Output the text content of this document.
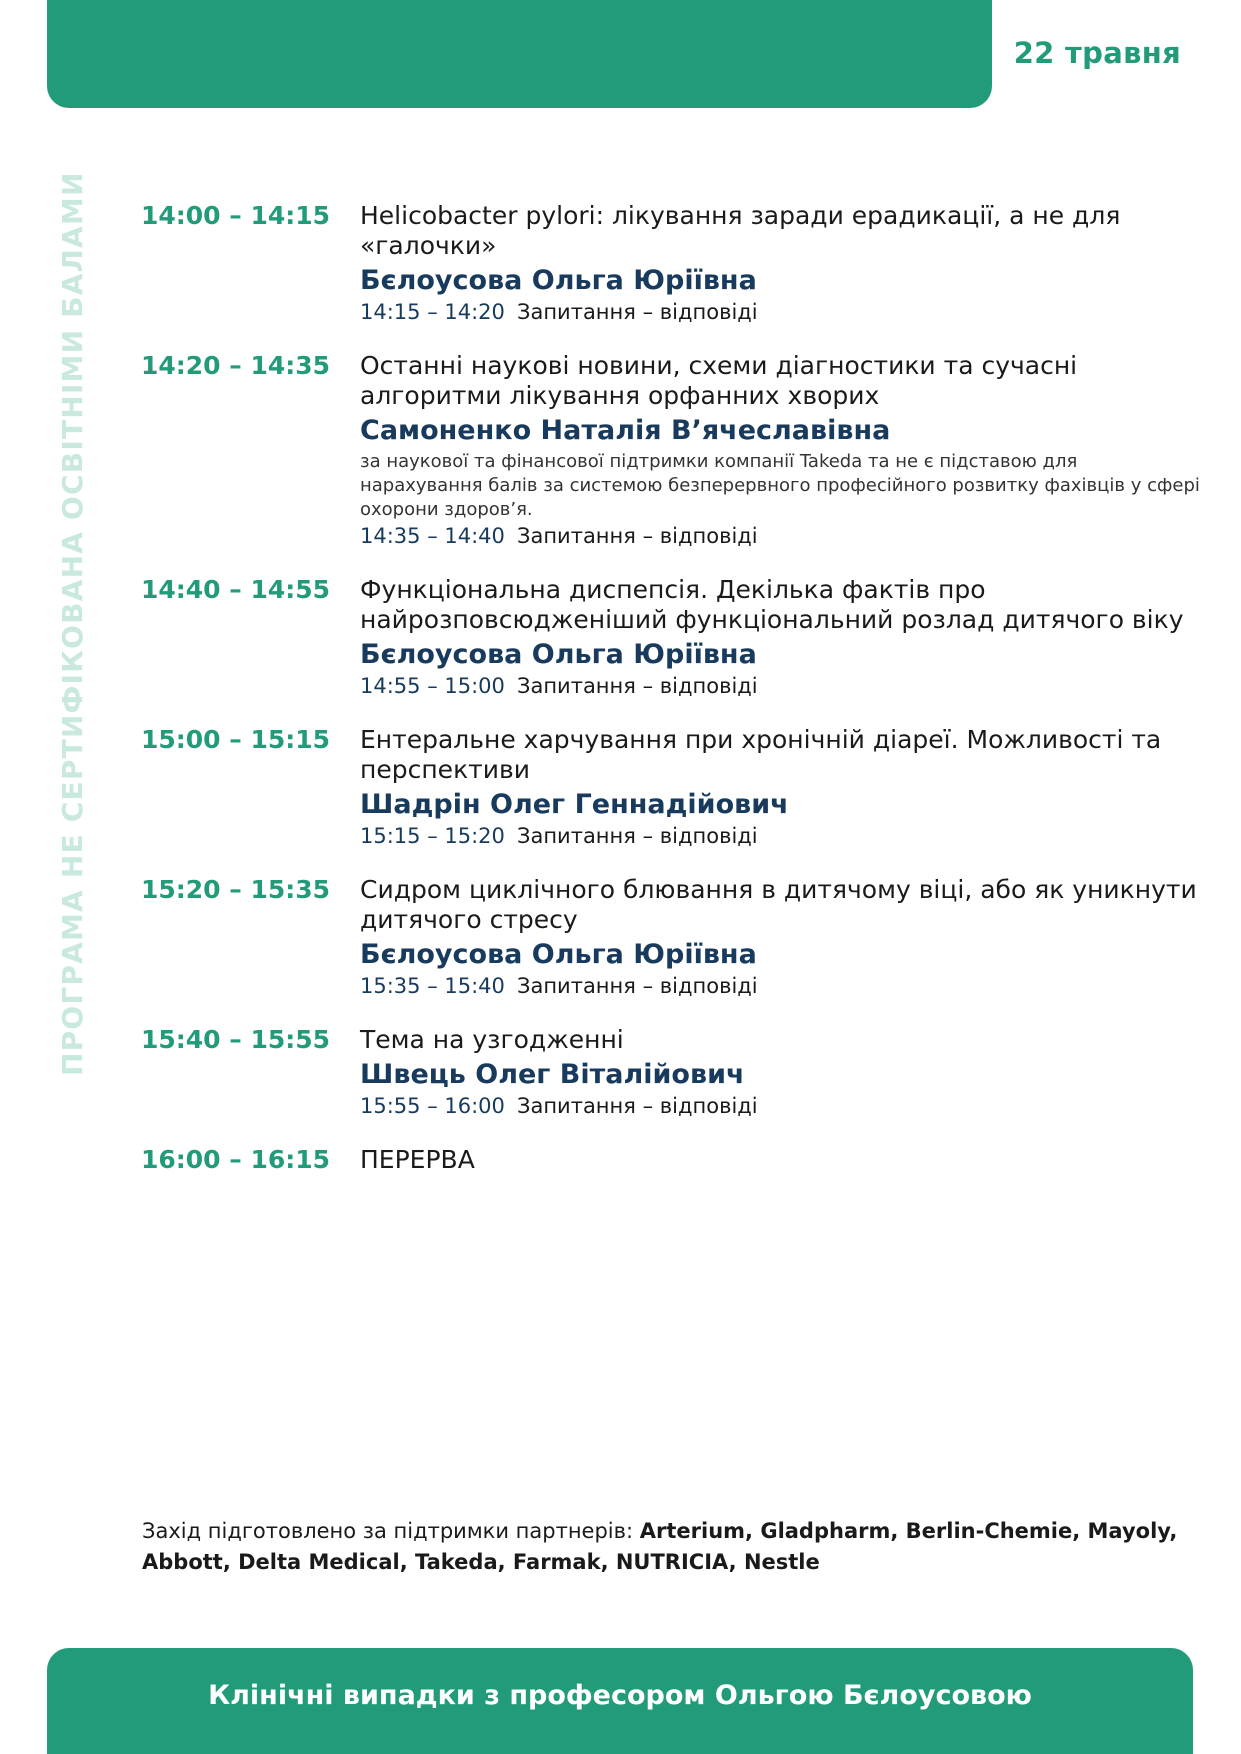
22 травня
ПРОГРАМА НЕ СЕРТИФІКОВАНА ОСВІТНІМИ БАЛАМИ 14:00 – 14:15	Helicobacter pylori: лікування заради ерадикації, а не для «галочки»
Бєлоусова Ольга Юріївна
14:15 – 14:20 Запитання – відповіді
14:20 – 14:35	Останні наукові новини, схеми діагностики та сучасні алгоритми лікування орфанних хворих
Самоненко Наталія В’ячеславівна
за наукової та фінансової підтримки компанії Takeda та не є підставою для нарахування балів за системою безперервного професійного розвитку фахівців у сфері охорони здоров’я.
14:35 – 14:40 Запитання – відповіді
14:40 – 14:55	Функціональна диспепсія. Декілька фактів про найрозповсюдженіший функціональний розлад дитячого віку
Бєлоусова Ольга Юріївна
14:55 – 15:00 Запитання – відповіді
15:00 – 15:15	Ентеральне харчування при хронічній діареї. Можливості та перспективи
Шадрін Олег Геннадійович
15:15 – 15:20 Запитання – відповіді
15:20 – 15:35	Сидром циклічного блювання в дитячому віці, або як уникнути дитячого стресу
Бєлоусова Ольга Юріївна
15:35 – 15:40 Запитання – відповіді
15:40 – 15:55	Тема на узгодженні
Швець Олег Віталійович
15:55 – 16:00 Запитання – відповіді
16:00 – 16:15	ПЕРЕРВА
Захід підготовлено за підтримки партнерів: Arterium, Gladpharm, Berlin-Chemie, Mayoly, Abbott, Delta Medical, Takeda, Farmak, NUTRICIA, Nestle
Клінічні випадки з професором Ольгою Бєлоусовою
